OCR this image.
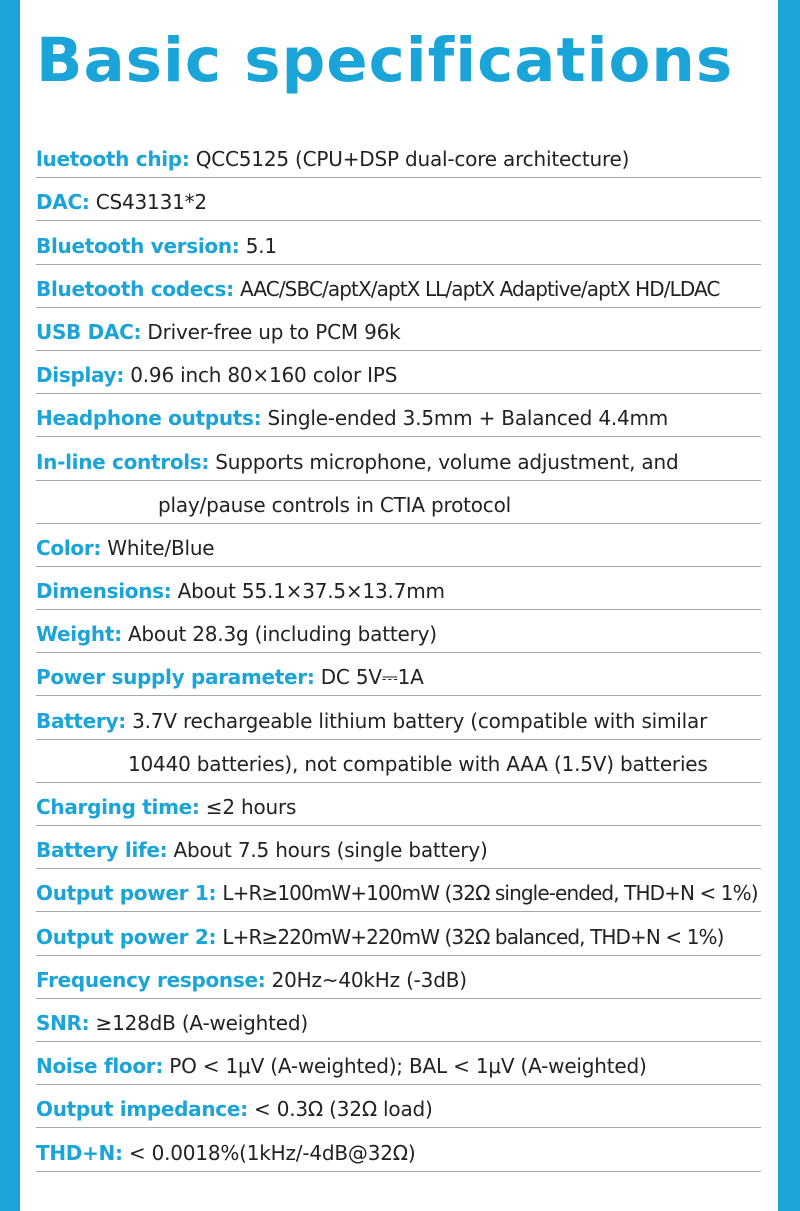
Basic specifications
luetooth chip: QCC5125 (CPU+DSP dual-core architecture)
DAC: CS43131*2
Bluetooth version: 5.1
Bluetooth codecs: AAC/SBC/aptX/aptX LL/aptX Adaptive/aptX HD/LDAC
USB DAC: Driver-free up to PCM 96k
Display: 0.96 inch 80×160 color IPS
Headphone outputs: Single-ended 3.5mm + Balanced 4.4mm
In-line controls: Supports microphone, volume adjustment, and
play/pause controls in CTIA protocol
Color: White/Blue
Dimensions: About 55.1×37.5×13.7mm
Weight: About 28.3g (including battery)
Power supply parameter: DC 5V⎓1A
Battery: 3.7V rechargeable lithium battery (compatible with similar
10440 batteries), not compatible with AAA (1.5V) batteries
Charging time: ≤2 hours
Battery life: About 7.5 hours (single battery)
Output power 1: L+R≥100mW+100mW (32Ω single-ended, THD+N < 1%)
Output power 2: L+R≥220mW+220mW (32Ω balanced, THD+N < 1%)
Frequency response: 20Hz~40kHz (-3dB)
SNR: ≥128dB (A-weighted)
Noise floor: PO < 1μV (A-weighted); BAL < 1μV (A-weighted)
Output impedance: < 0.3Ω (32Ω load)
THD+N: < 0.0018%(1kHz/-4dB@32Ω)
